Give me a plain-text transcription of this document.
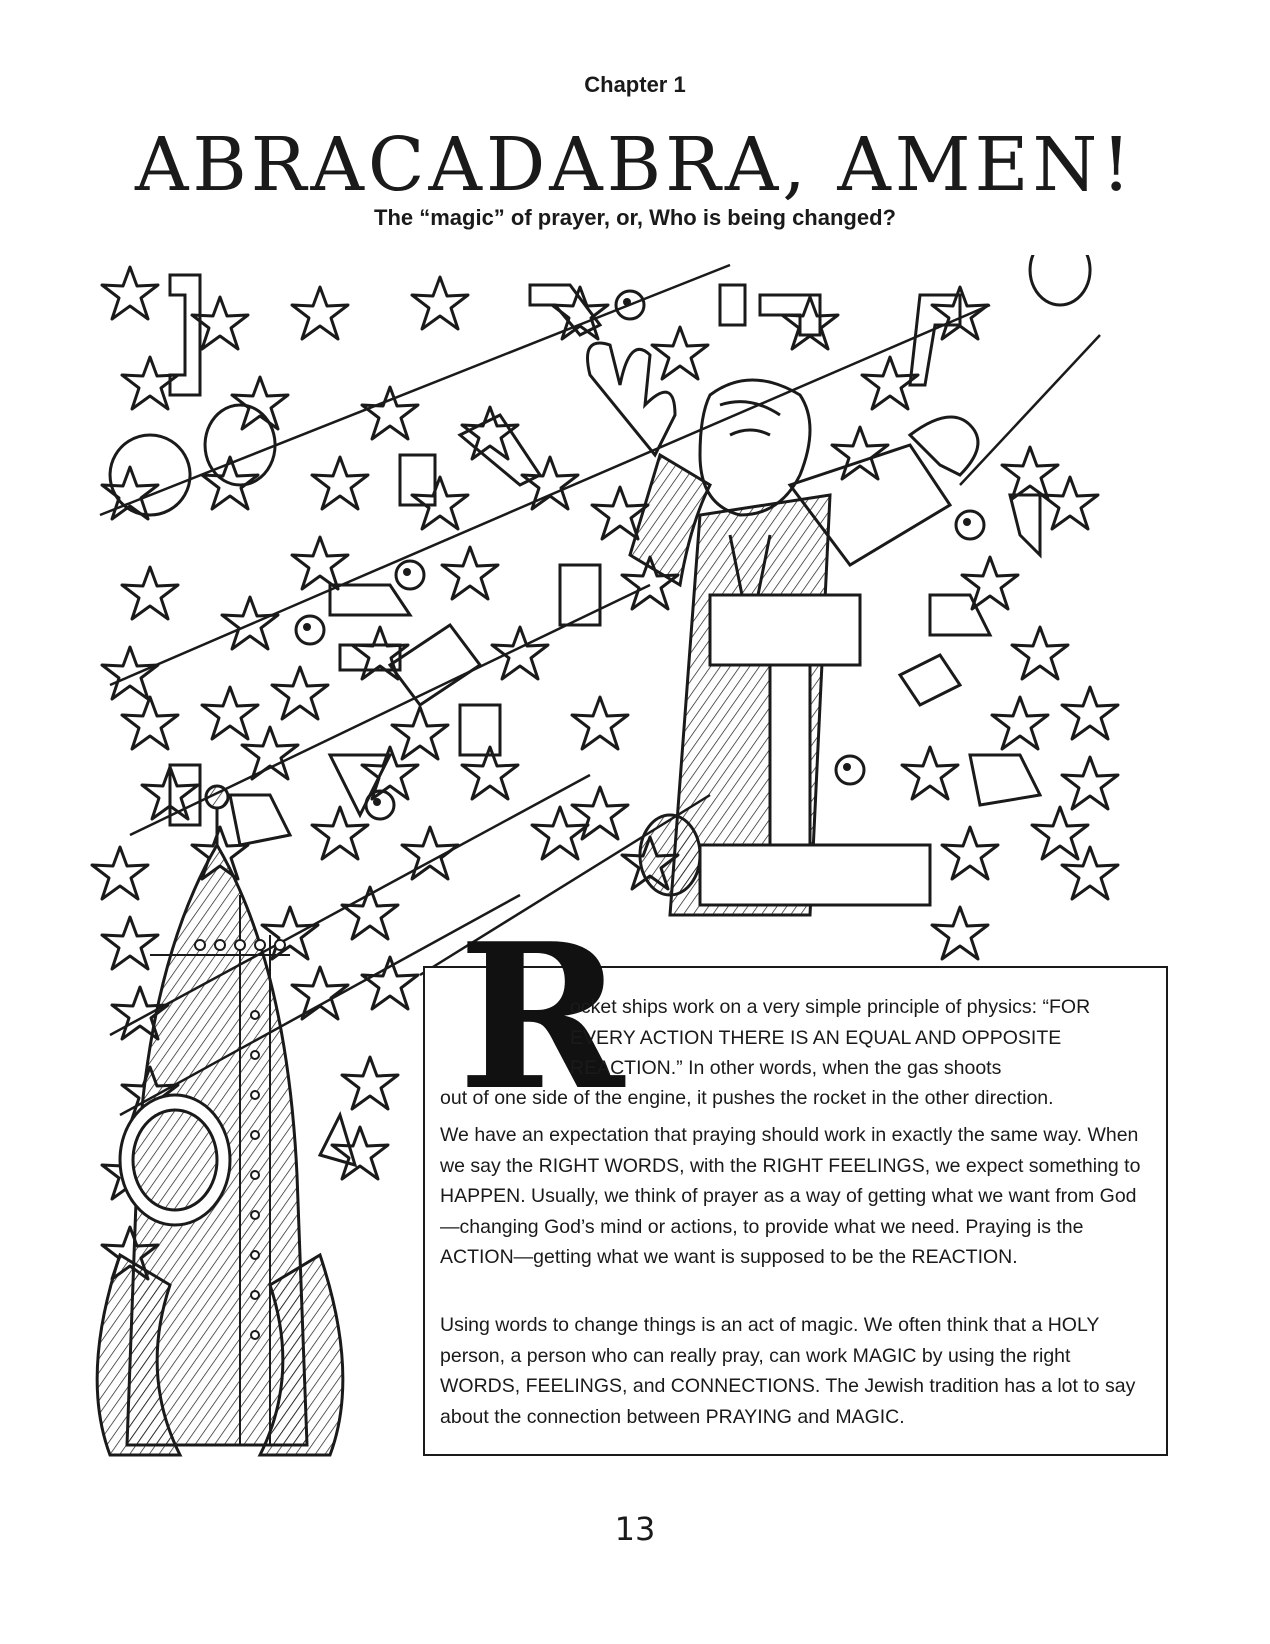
Chapter 1
ABRACADABRA, AMEN!
The “magic” of prayer, or, Who is being changed?
R
ocket ships work on a very simple principle of physics: “FOR EVERY ACTION THERE IS AN EQUAL AND OPPOSITE REACTION.” In other words, when the gas shoots
out of one side of the engine, it pushes the rocket in the other direction.
We have an expectation that praying should work in exactly the same way. When we say the RIGHT WORDS, with the RIGHT FEELINGS, we expect something to HAPPEN. Usually, we think of prayer as a way of getting what we want from God—changing God’s mind or actions, to provide what we need. Praying is the ACTION—getting what we want is supposed to be the REACTION.
Using words to change things is an act of magic. We often think that a HOLY person, a person who can really pray, can work MAGIC by using the right WORDS, FEELINGS, and CONNECTIONS. The Jewish tradition has a lot to say about the connection between PRAYING and MAGIC.
13
